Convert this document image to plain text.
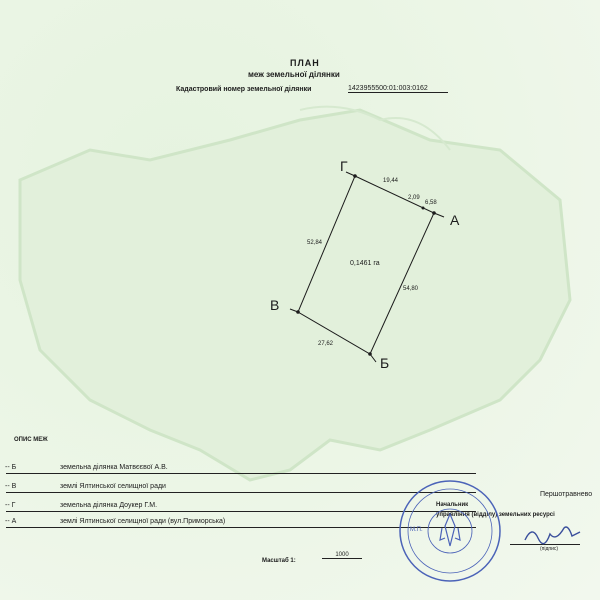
ПЛАН
меж земельної ділянки
Кадастровий номер земельної ділянки	1423955500:01:003:0162
Г
А
В
Б
19,44
2,09
6,58
52,84
54,80
27,62
0,1461 га
ОПИС МЕЖ
-- Б	земельна ділянка Матвєєвої А.В.
-- В	землі Ялтинської селищної ради
-- Г	земельна ділянка Доукер Г.М.
-- А	землі Ялтинської селищної ради (вул.Приморська)
Масштаб 1:
1000
Першотравнево
Начальник
управління (відділу) земельних ресурсі
(підпис)
М.П.
